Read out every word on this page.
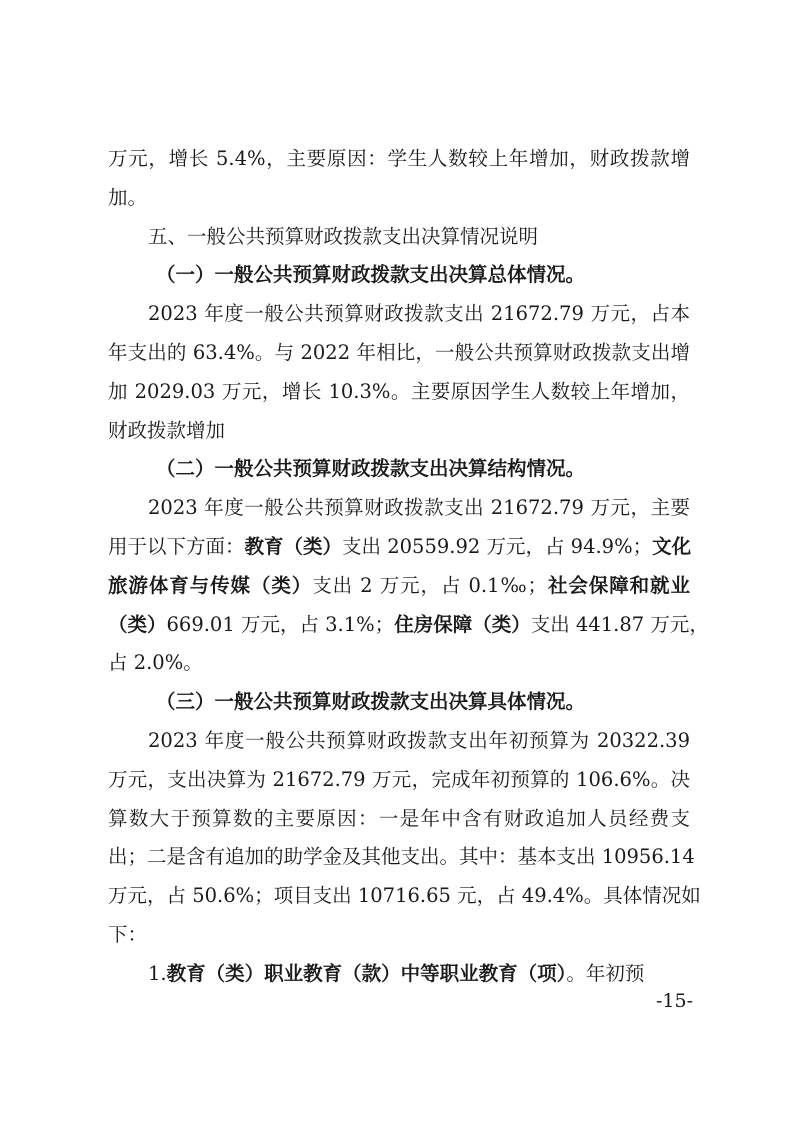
万元，增长 5.4%，主要原因：学生人数较上年增加，财政拨款增
加。
五、一般公共预算财政拨款支出决算情况说明
（一）一般公共预算财政拨款支出决算总体情况。
2023 年度一般公共预算财政拨款支出 21672.79 万元，占本
年支出的 63.4%。与 2022 年相比，一般公共预算财政拨款支出增
加 2029.03 万元，增长 10.3%。主要原因学生人数较上年增加，
财政拨款增加
（二）一般公共预算财政拨款支出决算结构情况。
2023 年度一般公共预算财政拨款支出 21672.79 万元，主要
用于以下方面：教育（类）支出 20559.92 万元，占 94.9%；文化
旅游体育与传媒（类）支出 2 万元，占 0.1‰；社会保障和就业
（类）669.01 万元，占 3.1%；住房保障（类）支出 441.87 万元，
占 2.0%。
（三）一般公共预算财政拨款支出决算具体情况。
2023 年度一般公共预算财政拨款支出年初预算为 20322.39
万元，支出决算为 21672.79 万元，完成年初预算的 106.6%。决
算数大于预算数的主要原因：一是年中含有财政追加人员经费支
出；二是含有追加的助学金及其他支出。其中：基本支出 10956.14
万元，占 50.6%；项目支出 10716.65 元，占 49.4%。具体情况如
下：
1.教育（类）职业教育（款）中等职业教育（项）。年初预
-15-
